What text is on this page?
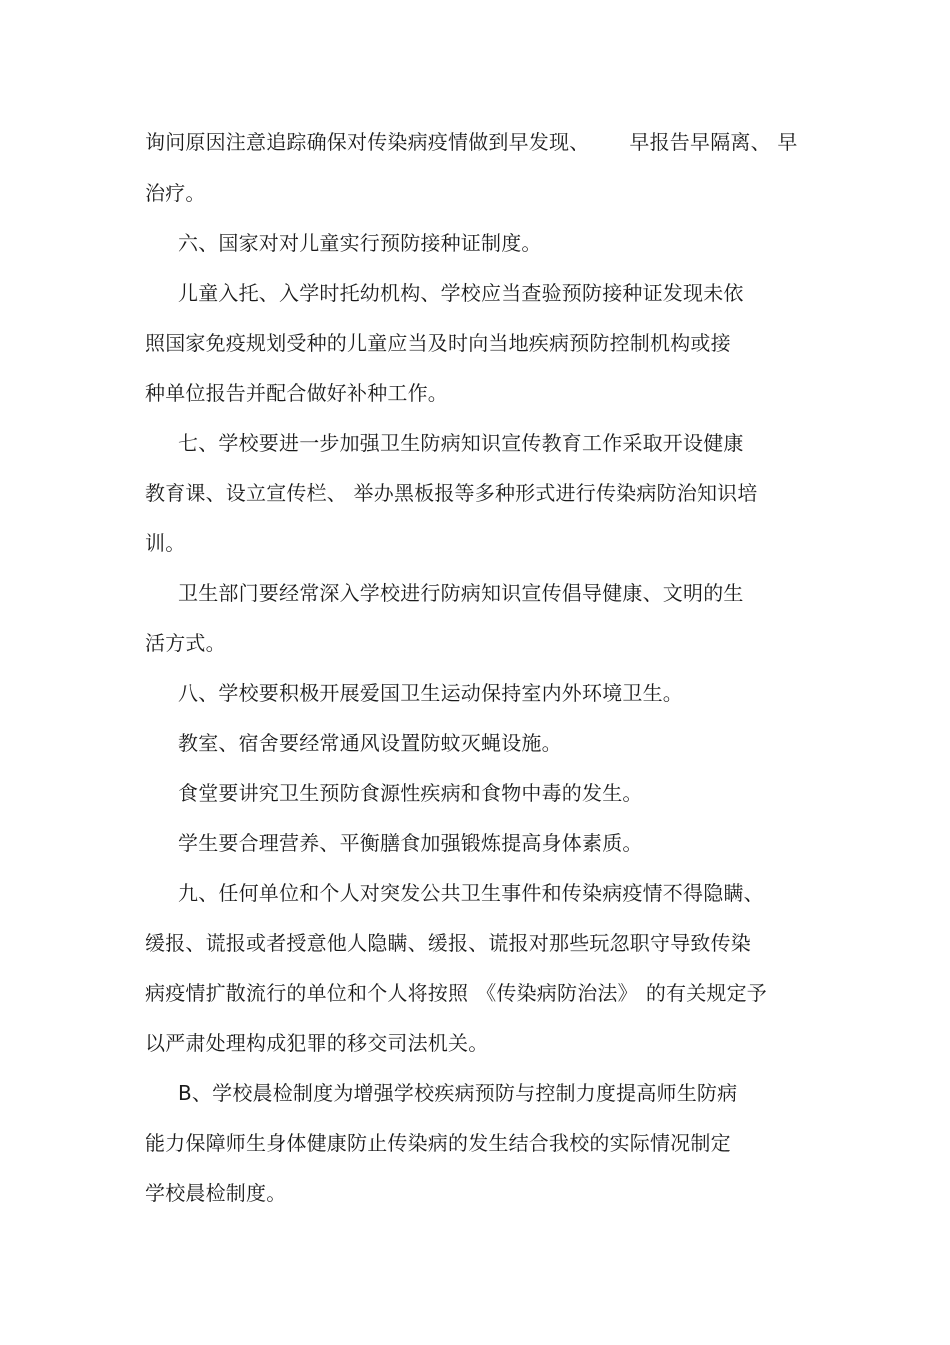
询问原因注意追踪确保对传染病疫情做到早发现、 早报告早隔离、 早
治疗。
六、国家对对儿童实行预防接种证制度。
儿童入托、入学时托幼机构、学校应当查验预防接种证发现未依
照国家免疫规划受种的儿童应当及时向当地疾病预防控制机构或接
种单位报告并配合做好补种工作。
七、学校要进一步加强卫生防病知识宣传教育工作采取开设健康
教育课、设立宣传栏、 举办黑板报等多种形式进行传染病防治知识培
训。
卫生部门要经常深入学校进行防病知识宣传倡导健康、文明的生
活方式。
八、学校要积极开展爱国卫生运动保持室内外环境卫生。
教室、宿舍要经常通风设置防蚊灭蝇设施。
食堂要讲究卫生预防食源性疾病和食物中毒的发生。
学生要合理营养、平衡膳食加强锻炼提高身体素质。
九、任何单位和个人对突发公共卫生事件和传染病疫情不得隐瞒、
缓报、谎报或者授意他人隐瞒、缓报、谎报对那些玩忽职守导致传染
病疫情扩散流行的单位和个人将按照 《传染病防治法》 的有关规定予
以严肃处理构成犯罪的移交司法机关。
B、学校晨检制度为增强学校疾病预防与控制力度提高师生防病
能力保障师生身体健康防止传染病的发生结合我校的实际情况制定
学校晨检制度。
